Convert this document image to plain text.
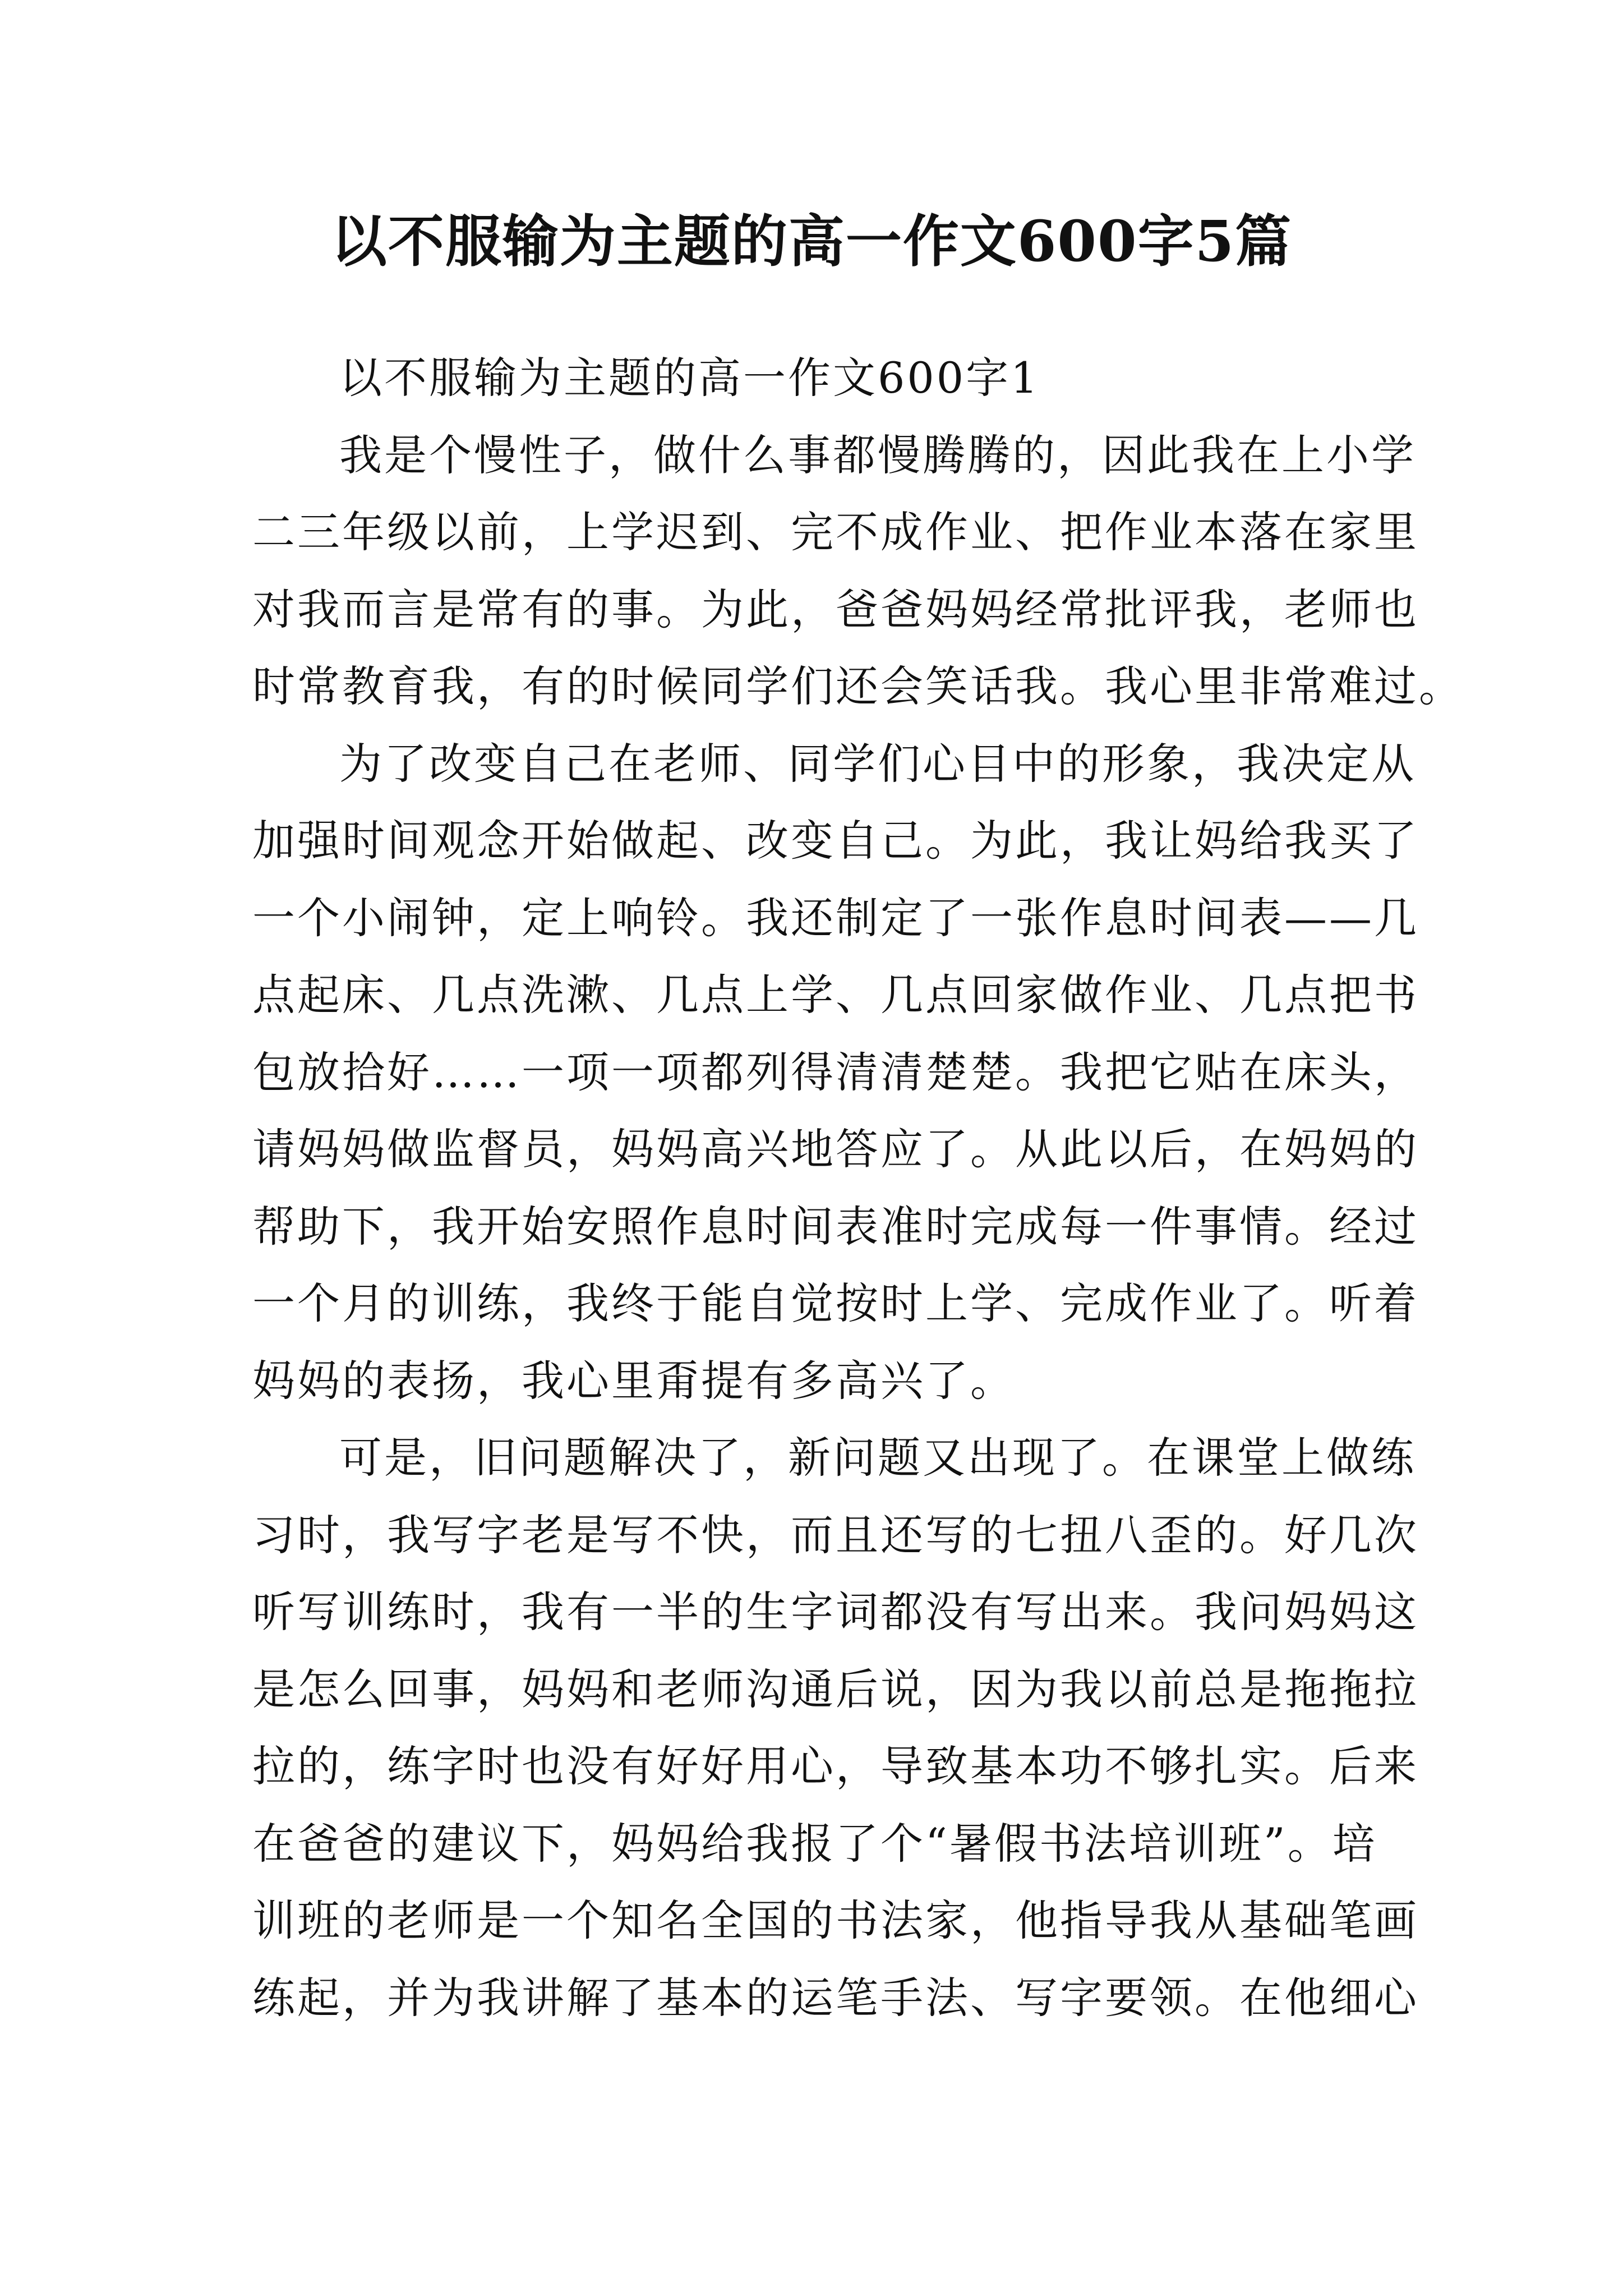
以不服输为主题的高一作文600字5篇
以不服输为主题的高一作文600字1
我是个慢性子，做什么事都慢腾腾的，因此我在上小学
二三年级以前，上学迟到、完不成作业、把作业本落在家里
对我而言是常有的事。为此，爸爸妈妈经常批评我，老师也
时常教育我，有的时候同学们还会笑话我。我心里非常难过。
为了改变自己在老师、同学们心目中的形象，我决定从
加强时间观念开始做起、改变自己。为此，我让妈给我买了
一个小闹钟，定上响铃。我还制定了一张作息时间表——几
点起床、几点洗漱、几点上学、几点回家做作业、几点把书
包放拾好……一项一项都列得清清楚楚。我把它贴在床头，
请妈妈做监督员，妈妈高兴地答应了。从此以后，在妈妈的
帮助下，我开始安照作息时间表准时完成每一件事情。经过
一个月的训练，我终于能自觉按时上学、完成作业了。听着
妈妈的表扬，我心里甭提有多高兴了。
可是，旧问题解决了，新问题又出现了。在课堂上做练
习时，我写字老是写不快，而且还写的七扭八歪的。好几次
听写训练时，我有一半的生字词都没有写出来。我问妈妈这
是怎么回事，妈妈和老师沟通后说，因为我以前总是拖拖拉
拉的，练字时也没有好好用心，导致基本功不够扎实。后来
在爸爸的建议下，妈妈给我报了个“暑假书法培训班”。培
训班的老师是一个知名全国的书法家，他指导我从基础笔画
练起，并为我讲解了基本的运笔手法、写字要领。在他细心
